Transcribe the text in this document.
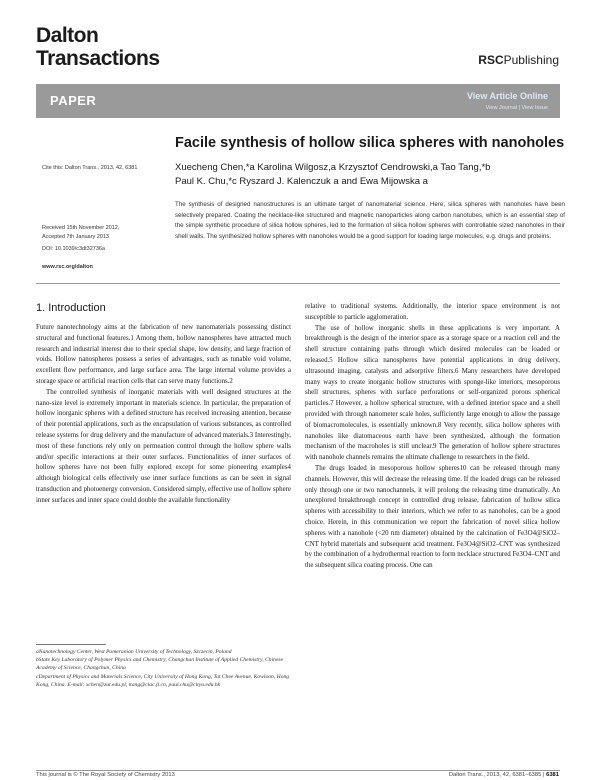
Dalton
Transactions	RSCPublishing
PAPER	View Article Online
View Journal | View Issue
Facile synthesis of hollow silica spheres with nanoholes
Cite this: Dalton Trans., 2013, 42, 6381	Xuecheng Chen,*a Karolina Wilgosz,a Krzysztof Cendrowski,a Tao Tang,*b
Paul K. Chu,*c Ryszard J. Kalenczuk a and Ewa Mijowska a
Received 15th November 2012,
Accepted 7th January 2013
DOI: 10.1039/c3dt32736a
www.rsc.org/dalton
The synthesis of designed nanostructures is an ultimate target of nanomaterial science. Here, silica spheres with nanoholes have been selectively prepared. Coating the necklace-like structured and magnetic nanoparticles along carbon nanotubes, which is an essential step of the simple synthetic procedure of silica hollow spheres, led to the formation of silica hollow spheres with controllable sized nanoholes in their shell walls. The synthesized hollow spheres with nanoholes would be a good support for loading large molecules, e.g. drugs and proteins.
1. Introduction

Future nanotechnology aims at the fabrication of new nanomaterials possessing distinct structural and functional features.1 Among them, hollow nanospheres have attracted much research and industrial interest due to their special shape, low density, and large fraction of voids. Hollow nanospheres possess a series of advantages, such as tunable void volume, excellent flow performance, and large surface area. The large internal volume provides a storage space or artificial reaction cells that can serve many functions.2

The controlled synthesis of inorganic materials with well designed structures at the nano-size level is extremely important in materials science. In particular, the preparation of hollow inorganic spheres with a defined structure has received increasing attention, because of their potential applications, such as the encapsulation of various substances, as controlled release systems for drug delivery and the manufacture of advanced materials.3 Interestingly, most of these functions rely only on permeation control through the hollow sphere walls and/or specific interactions at their outer surfaces. Functionalities of inner surfaces of hollow spheres have not been fully explored except for some pioneering examples4 although biological cells effectively use inner surface functions as can be seen in signal transduction and photoenergy conversion. Considered simply, effective use of hollow sphere inner surfaces and inner space could double the available functionality

relative to traditional systems. Additionally, the interior space environment is not susceptible to particle agglomeration.

The use of hollow inorganic shells in these applications is very important. A breakthrough is the design of the interior space as a storage space or a reaction cell and the shell structure containing paths through which desired molecules can be loaded or released.5 Hollow silica nanospheres have potential applications in drug delivery, ultrasound imaging, catalysts and adsorptive filters.6 Many researchers have developed many ways to create inorganic hollow structures with sponge-like interiors, mesoporous shell structures, spheres with surface perforations or self-organized porous spherical particles.7 However, a hollow spherical structure, with a defined interior space and a shell provided with through nanometer scale holes, sufficiently large enough to allow the passage of biomacromolecules, is essentially unknown.8 Very recently, silica hollow spheres with nanoholes like diatomaceous earth have been synthesized, although the formation mechanism of the macroholes is still unclear.9 The generation of hollow sphere structures with nanohole channels remains the ultimate challenge to researchers in the field.

The drugs loaded in mesoporous hollow spheres10 can be released through many channels. However, this will decrease the releasing time. If the loaded drugs can be released only through one or two nanochannels, it will prolong the releasing time dramatically. An unexplored breakthrough concept in controlled drug release, fabrication of hollow silica spheres with accessibility to their interiors, which we refer to as nanoholes, can be a good choice. Herein, in this communication we report the fabrication of novel silica hollow spheres with a nanohole (<20 nm diameter) obtained by the calcination of Fe3O4@SiO2–CNT hybrid materials and subsequent acid treatment. Fe3O4@SiO2–CNT was synthesized by the combination of a hydrothermal reaction to form necklace structured Fe3O4–CNT and the subsequent silica coating process. One can

aNanotechnology Center, West Pomeranian University of Technology, Szczecin, Poland

bState Key Laboratory of Polymer Physics and Chemistry, Changchun Institute of Applied Chemistry, Chinese Academy of Science, Changchun, China

cDepartment of Physics and Materials Science, City University of Hong Kong, Tat Chee Avenue, Kowloon, Hong Kong, China. E-mail: xchen@zut.edu.pl, ttang@ciac.jl.cn, paul.chu@cityu.edu.hk

This journal is © The Royal Society of Chemistry 2013	Dalton Trans., 2013, 42, 6381–6385 | 6381
